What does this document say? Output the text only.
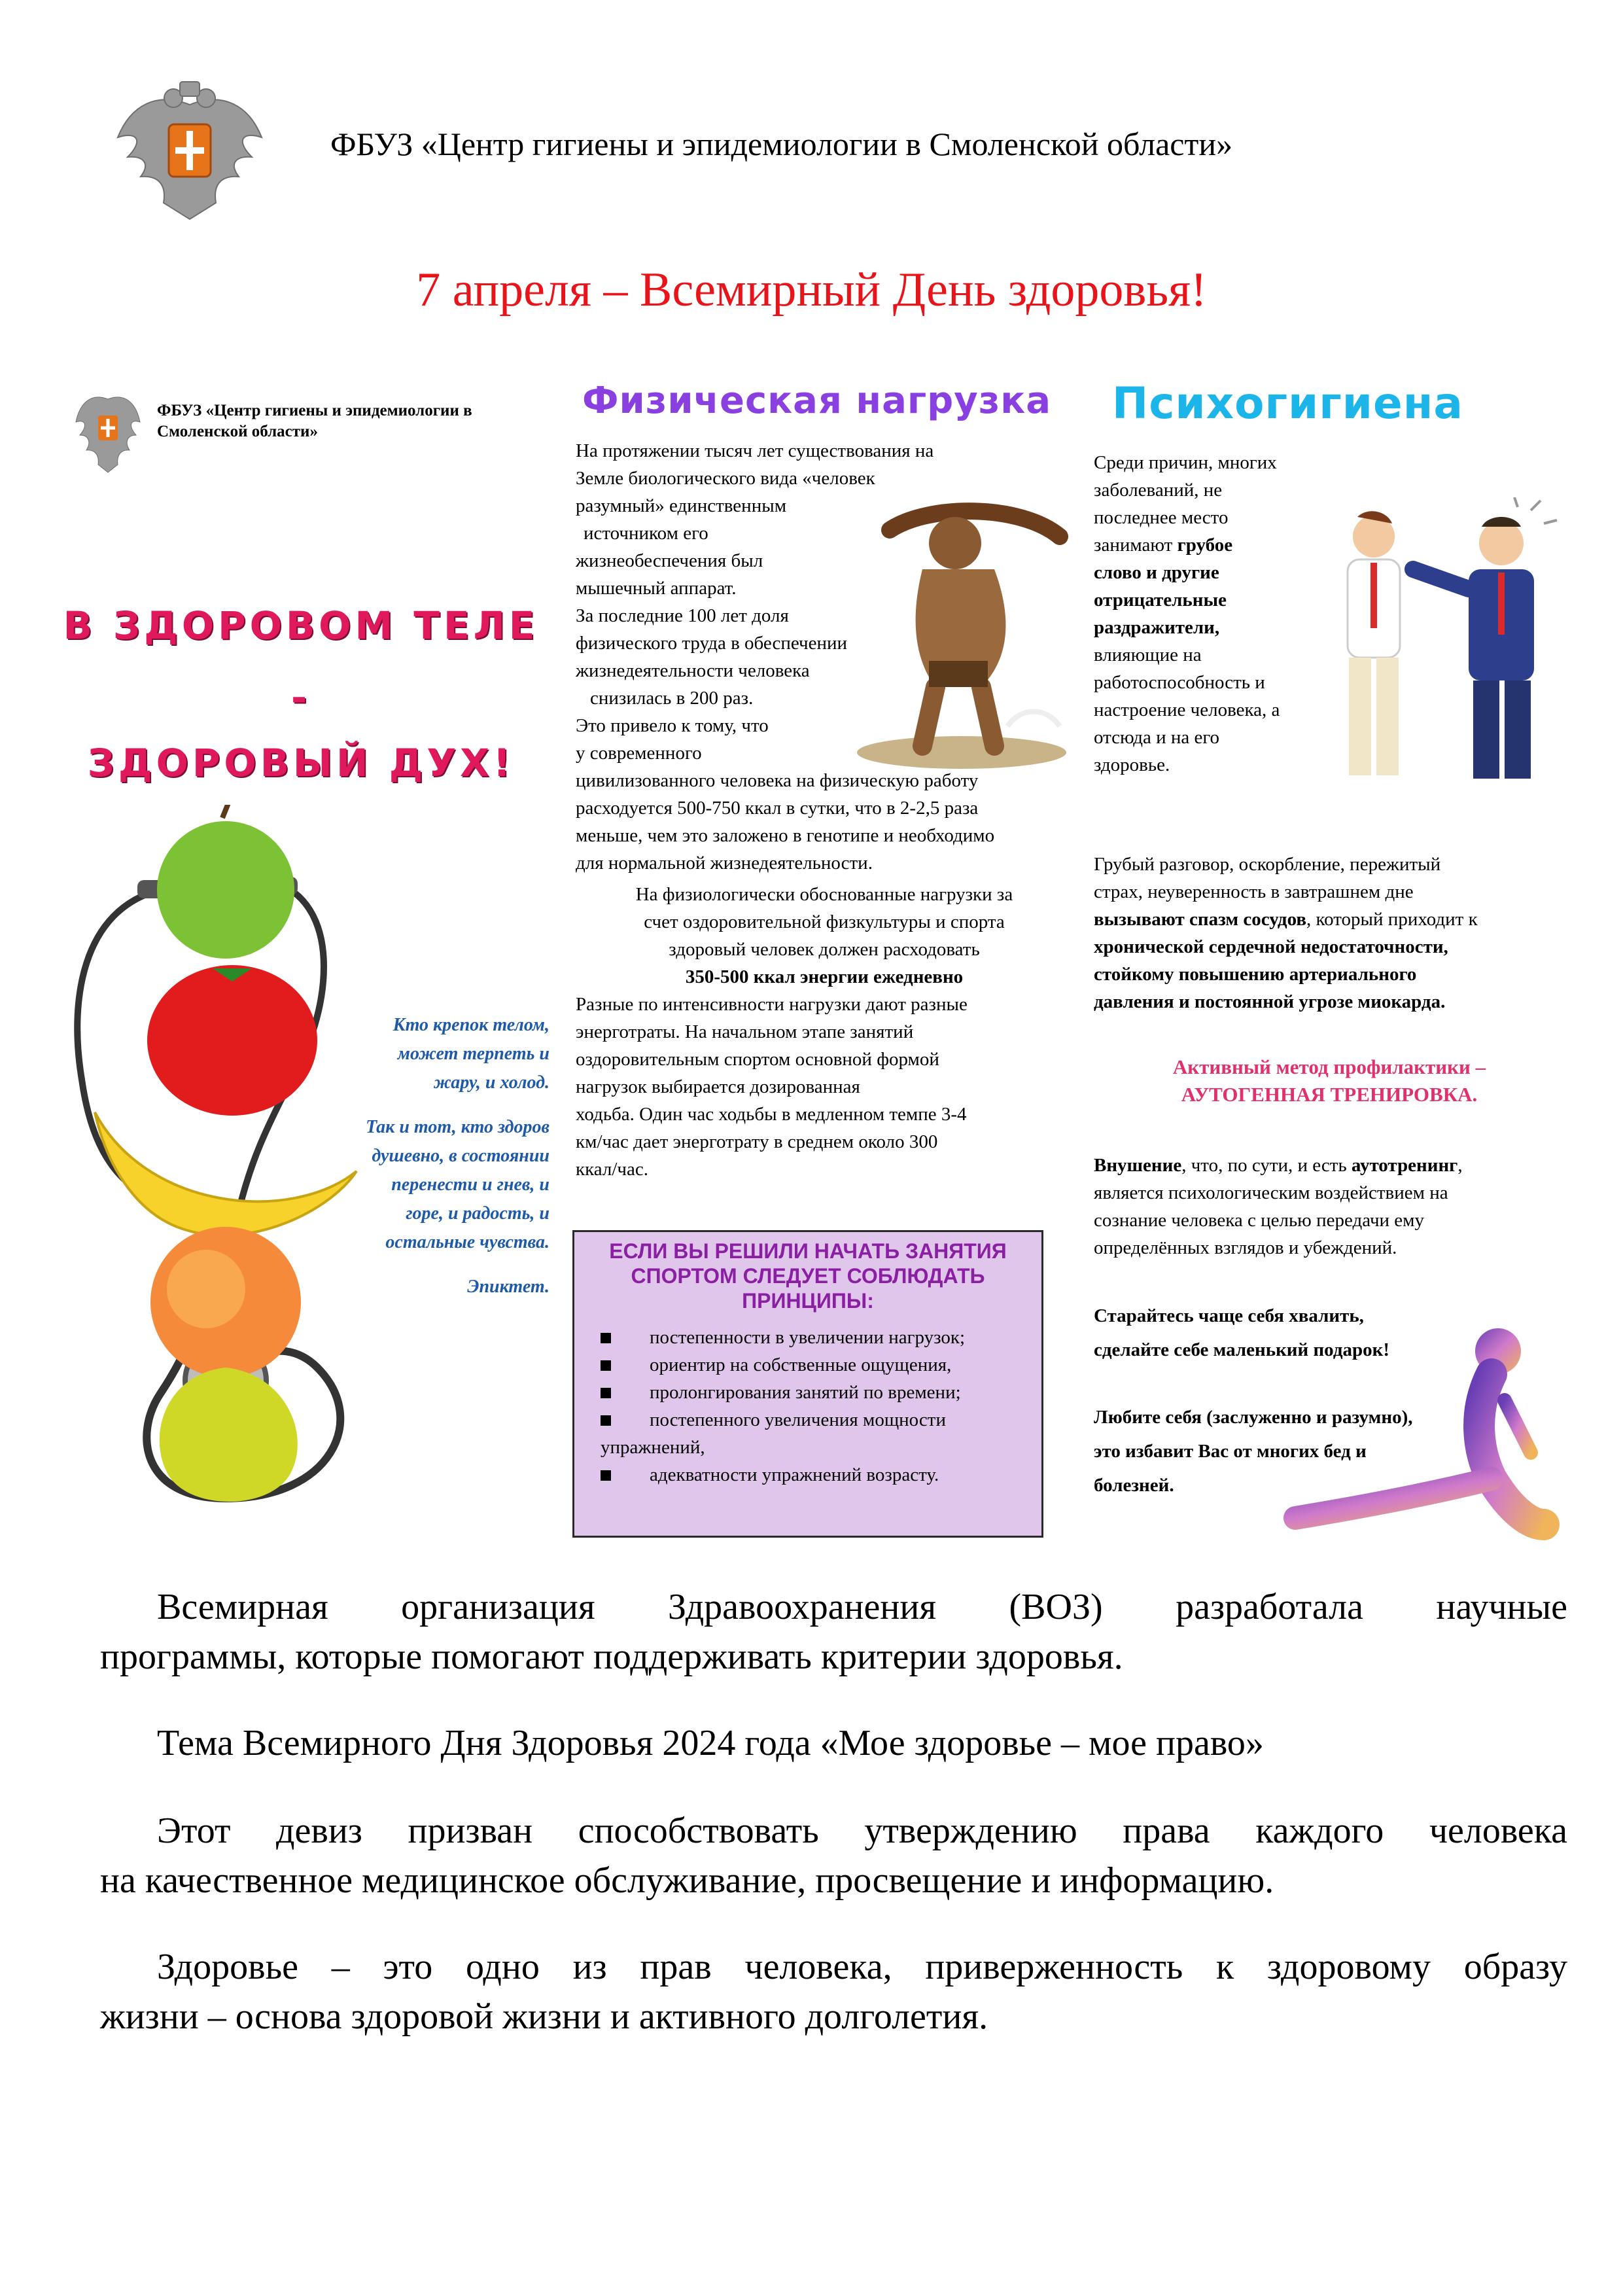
ФБУЗ «Центр гигиены и эпидемиологии в Смоленской области»
7 апреля – Всемирный День здоровья!
ФБУЗ «Центр гигиены и эпидемиологии в
Смоленской области»
В ЗДОРОВОМ ТЕЛЕ
-
ЗДОРОВЫЙ ДУХ!
Кто крепок телом,
может терпеть и
жару, и холод.
Так и тот, кто здоров
душевно, в состоянии
перенести и гнев, и
горе, и радость, и
остальные чувства.
Эпиктет.
Физическая нагрузка
На протяжении тысяч лет существования на
Земле биологического вида «человек
разумный» единственным
источником его
жизнеобеспечения был
мышечный аппарат.
За последние 100 лет доля
физического труда в обеспечении
жизнедеятельности человека
снизилась в 200 раз.
Это привело к тому, что
у современного
цивилизованного человека на физическую работу
расходуется 500-750 ккал в сутки, что в 2-2,5 раза
меньше, чем это заложено в генотипе и необходимо
для нормальной жизнедеятельности.
На физиологически обоснованные нагрузки за
счет оздоровительной физкультуры и спорта
здоровый человек должен расходовать
350-500 ккал энергии ежедневно
Разные по интенсивности нагрузки дают разные
энерготраты. На начальном этапе занятий
оздоровительным спортом основной формой
нагрузок выбирается дозированная
ходьба. Один час ходьбы в медленном темпе 3-4
км/час дает энерготрату в среднем около 300
ккал/час.
ЕСЛИ ВЫ РЕШИЛИ НАЧАТЬ ЗАНЯТИЯ
СПОРТОМ СЛЕДУЕТ СОБЛЮДАТЬ
ПРИНЦИПЫ:
постепенности в увеличении нагрузок;
ориентир на собственные ощущения,
пролонгирования занятий по времени;
постепенного увеличения мощности
упражнений,
адекватности упражнений возрасту.
Психогигиена
Среди причин, многих
заболеваний, не
последнее место
занимают грубое
слово и другие
отрицательные
раздражители,
влияющие на
работоспособность и
настроение человека, а
отсюда и на его
здоровье.
Грубый разговор, оскорбление, пережитый
страх, неуверенность в завтрашнем дне
вызывают спазм сосудов, который приходит к
хронической сердечной недостаточности,
стойкому повышению артериального
давления и постоянной угрозе миокарда.
Активный метод профилактики –
АУТОГЕННАЯ ТРЕНИРОВКА.
Внушение, что, по сути, и есть аутотренинг,
является психологическим воздействием на
сознание человека с целью передачи ему
определённых взглядов и убеждений.
Старайтесь чаще себя хвалить,
сделайте себе маленький подарок!
Любите себя (заслуженно и разумно),
это избавит Вас от многих бед и
болезней.
Всемирная организация Здравоохранения (ВОЗ) разработала научные
программы, которые помогают поддерживать критерии здоровья.
Тема Всемирного Дня Здоровья 2024 года «Мое здоровье – мое право»
Этот девиз призван способствовать утверждению права каждого человека
на качественное медицинское обслуживание, просвещение и информацию.
Здоровье – это одно из прав человека, приверженность к здоровому образу
жизни – основа здоровой жизни и активного долголетия.
